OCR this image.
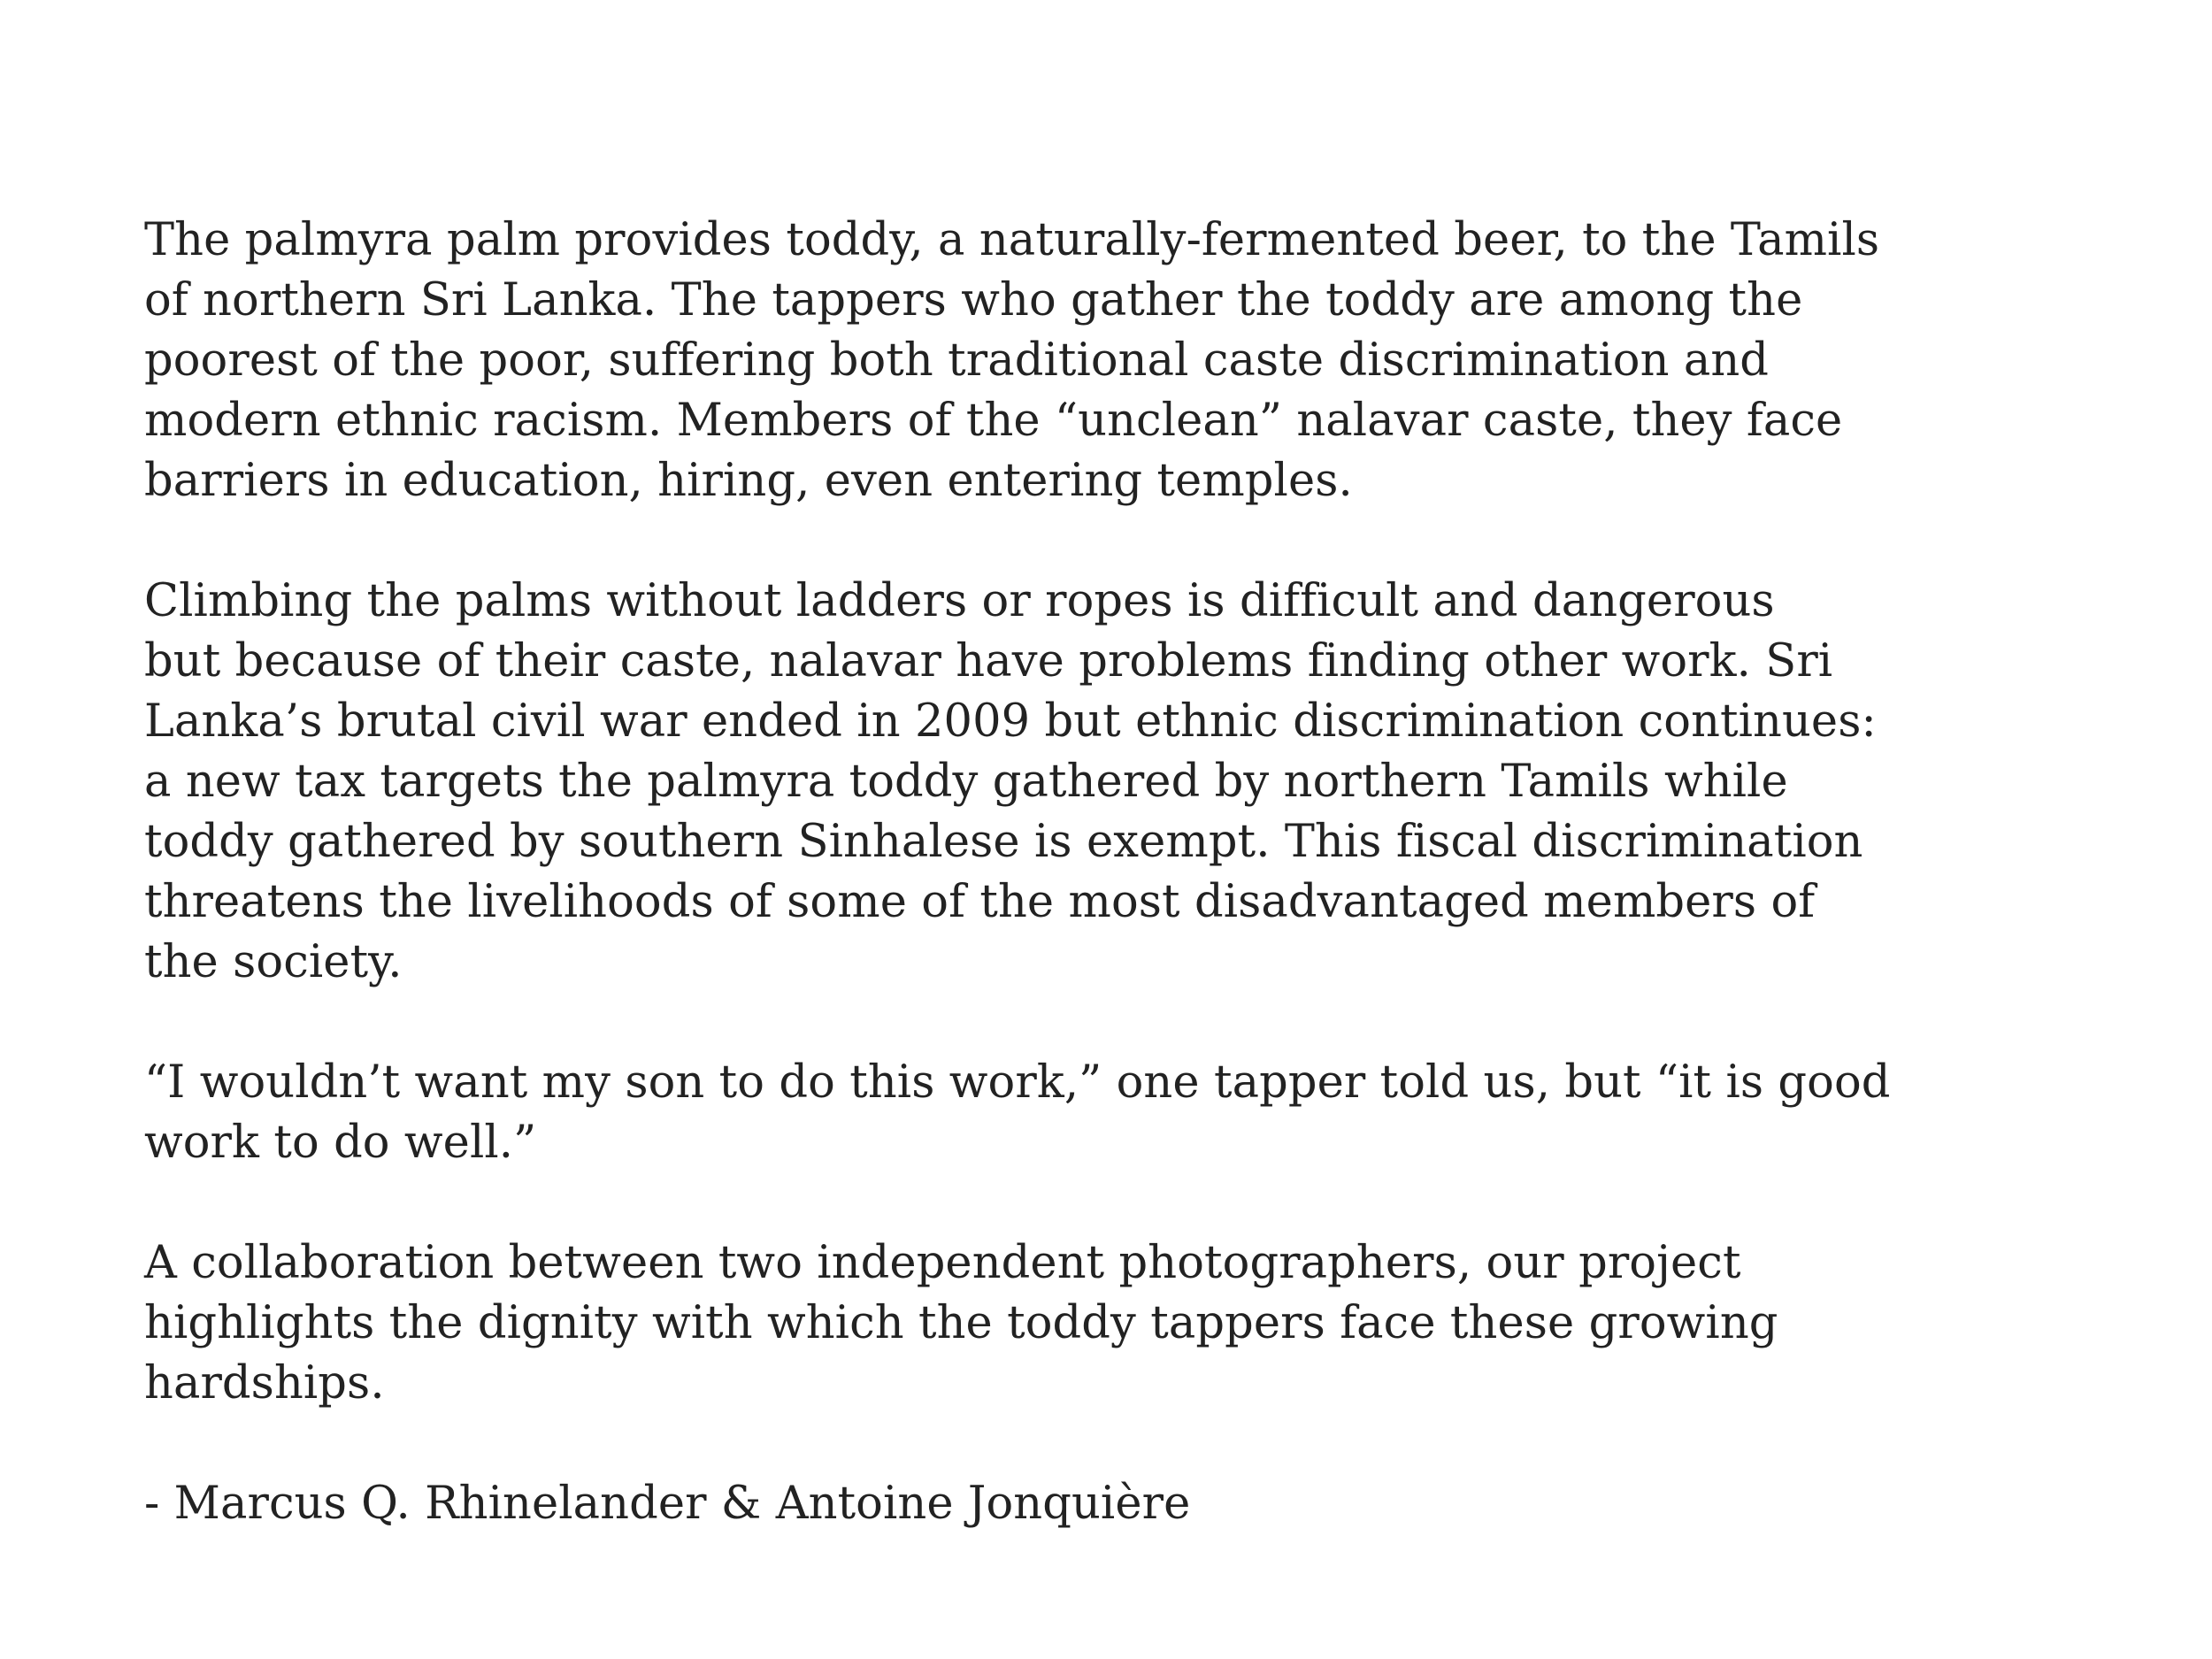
The palmyra palm provides toddy, a naturally-fermented beer, to the Tamils
of northern Sri Lanka. The tappers who gather the toddy are among the
poorest of the poor, suffering both traditional caste discrimination and
modern ethnic racism. Members of the “unclean” nalavar caste, they face
barriers in education, hiring, even entering temples.

Climbing the palms without ladders or ropes is difficult and dangerous
but because of their caste, nalavar have problems finding other work. Sri
Lanka’s brutal civil war ended in 2009 but ethnic discrimination continues:
a new tax targets the palmyra toddy gathered by northern Tamils while
toddy gathered by southern Sinhalese is exempt. This fiscal discrimination
threatens the livelihoods of some of the most disadvantaged members of
the society.

“I wouldn’t want my son to do this work,” one tapper told us, but “it is good
work to do well.”

A collaboration between two independent photographers, our project
highlights the dignity with which the toddy tappers face these growing
hardships.

- Marcus Q. Rhinelander & Antoine Jonquière
